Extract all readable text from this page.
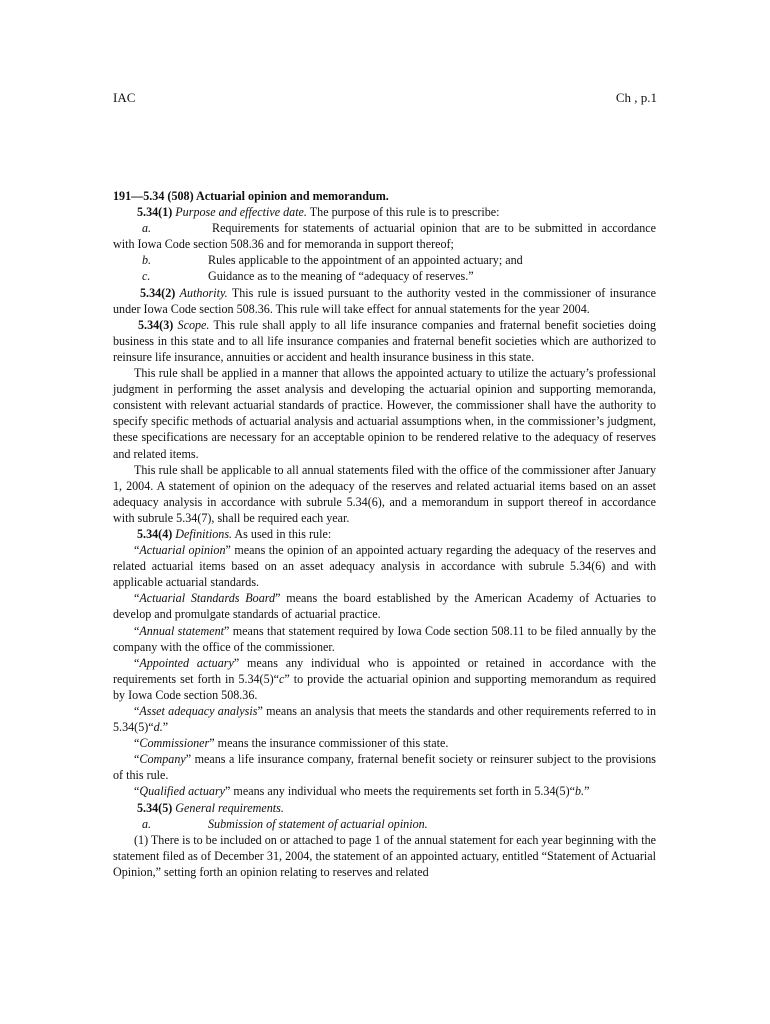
IAC	Ch , p.1

191—5.34 (508) Actuarial opinion and memorandum.

5.34(1) Purpose and effective date. The purpose of this rule is to prescribe:

a.	Requirements for statements of actuarial opinion that are to be submitted in accordance with Iowa Code section 508.36 and for memoranda in support thereof;

b.	Rules applicable to the appointment of an appointed actuary; and
c.	Guidance as to the meaning of “adequacy of reserves.”

5.34(2) Authority. This rule is issued pursuant to the authority vested in the commissioner of insurance under Iowa Code section 508.36. This rule will take effect for annual statements for the year 2004.

5.34(3) Scope. This rule shall apply to all life insurance companies and fraternal benefit societies doing business in this state and to all life insurance companies and fraternal benefit societies which are authorized to reinsure life insurance, annuities or accident and health insurance business in this state.

This rule shall be applied in a manner that allows the appointed actuary to utilize the actuary’s professional judgment in performing the asset analysis and developing the actuarial opinion and supporting memoranda, consistent with relevant actuarial standards of practice. However, the commissioner shall have the authority to specify specific methods of actuarial analysis and actuarial assumptions when, in the commissioner’s judgment, these specifications are necessary for an acceptable opinion to be rendered relative to the adequacy of reserves and related items.

This rule shall be applicable to all annual statements filed with the office of the commissioner after January 1, 2004. A statement of opinion on the adequacy of the reserves and related actuarial items based on an asset adequacy analysis in accordance with subrule 5.34(6), and a memorandum in support thereof in accordance with subrule 5.34(7), shall be required each year.

5.34(4) Definitions. As used in this rule:

“Actuarial opinion” means the opinion of an appointed actuary regarding the adequacy of the reserves and related actuarial items based on an asset adequacy analysis in accordance with subrule 5.34(6) and with applicable actuarial standards.

“Actuarial Standards Board” means the board established by the American Academy of Actuaries to develop and promulgate standards of actuarial practice.

“Annual statement” means that statement required by Iowa Code section 508.11 to be filed annually by the company with the office of the commissioner.

“Appointed actuary” means any individual who is appointed or retained in accordance with the requirements set forth in 5.34(5)“c” to provide the actuarial opinion and supporting memorandum as required by Iowa Code section 508.36.

“Asset adequacy analysis” means an analysis that meets the standards and other requirements referred to in 5.34(5)“d.”

“Commissioner” means the insurance commissioner of this state.

“Company” means a life insurance company, fraternal benefit society or reinsurer subject to the provisions of this rule.

“Qualified actuary” means any individual who meets the requirements set forth in 5.34(5)“b.”

5.34(5) General requirements.

a.	Submission of statement of actuarial opinion.

(1) There is to be included on or attached to page 1 of the annual statement for each year beginning with the statement filed as of December 31, 2004, the statement of an appointed actuary, entitled “Statement of Actuarial Opinion,” setting forth an opinion relating to reserves and related
